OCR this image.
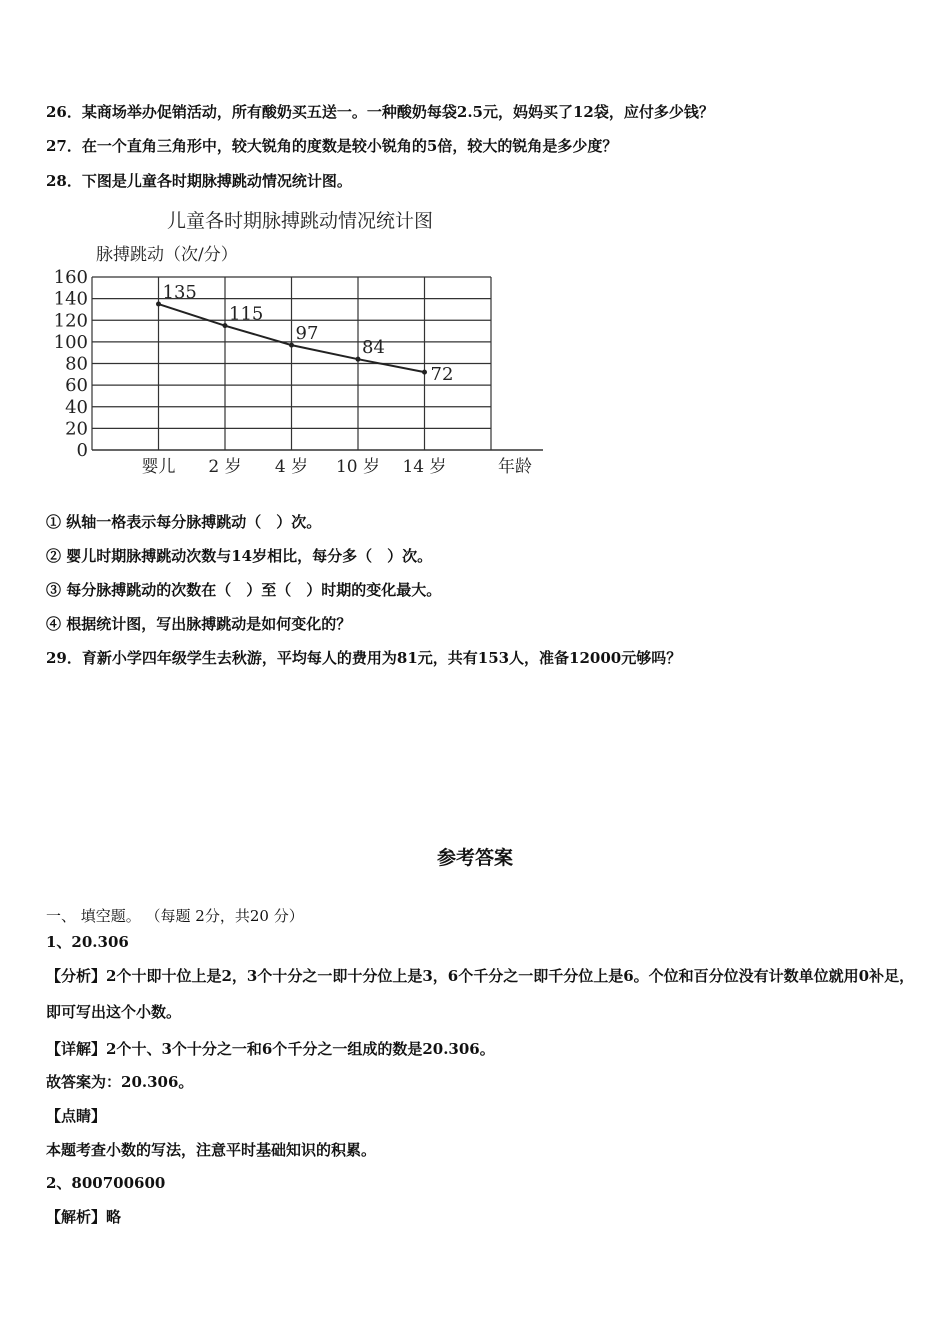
26．某商场举办促销活动，所有酸奶买五送一。一种酸奶每袋2.5元，妈妈买了12袋，应付多少钱？
27．在一个直角三角形中，较大锐角的度数是较小锐角的5倍，较大的锐角是多少度？
28．下图是儿童各时期脉搏跳动情况统计图。
儿童各时期脉搏跳动情况统计图
脉搏跳动（次/分）
年龄
0
20
40
60
80
100
120
140
160
婴儿 2 岁 4 岁 10 岁 14 岁
135
115
97
84
72
① 纵轴一格表示每分脉搏跳动（　）次。
② 婴儿时期脉搏跳动次数与14岁相比，每分多（　）次。
③ 每分脉搏跳动的次数在（　）至（　）时期的变化最大。
④ 根据统计图，写出脉搏跳动是如何变化的？
29．育新小学四年级学生去秋游，平均每人的费用为81元，共有153人，准备12000元够吗？
参考答案
一、 填空题。 （每题 2分，共20 分）
1、20.306
【分析】2个十即十位上是2，3个十分之一即十分位上是3，6个千分之一即千分位上是6。个位和百分位没有计数单位就用0补足，即可写出这个小数。
【详解】2个十、3个十分之一和6个千分之一组成的数是20.306。
故答案为：20.306。
【点睛】
本题考查小数的写法，注意平时基础知识的积累。
2、800700600
【解析】略
